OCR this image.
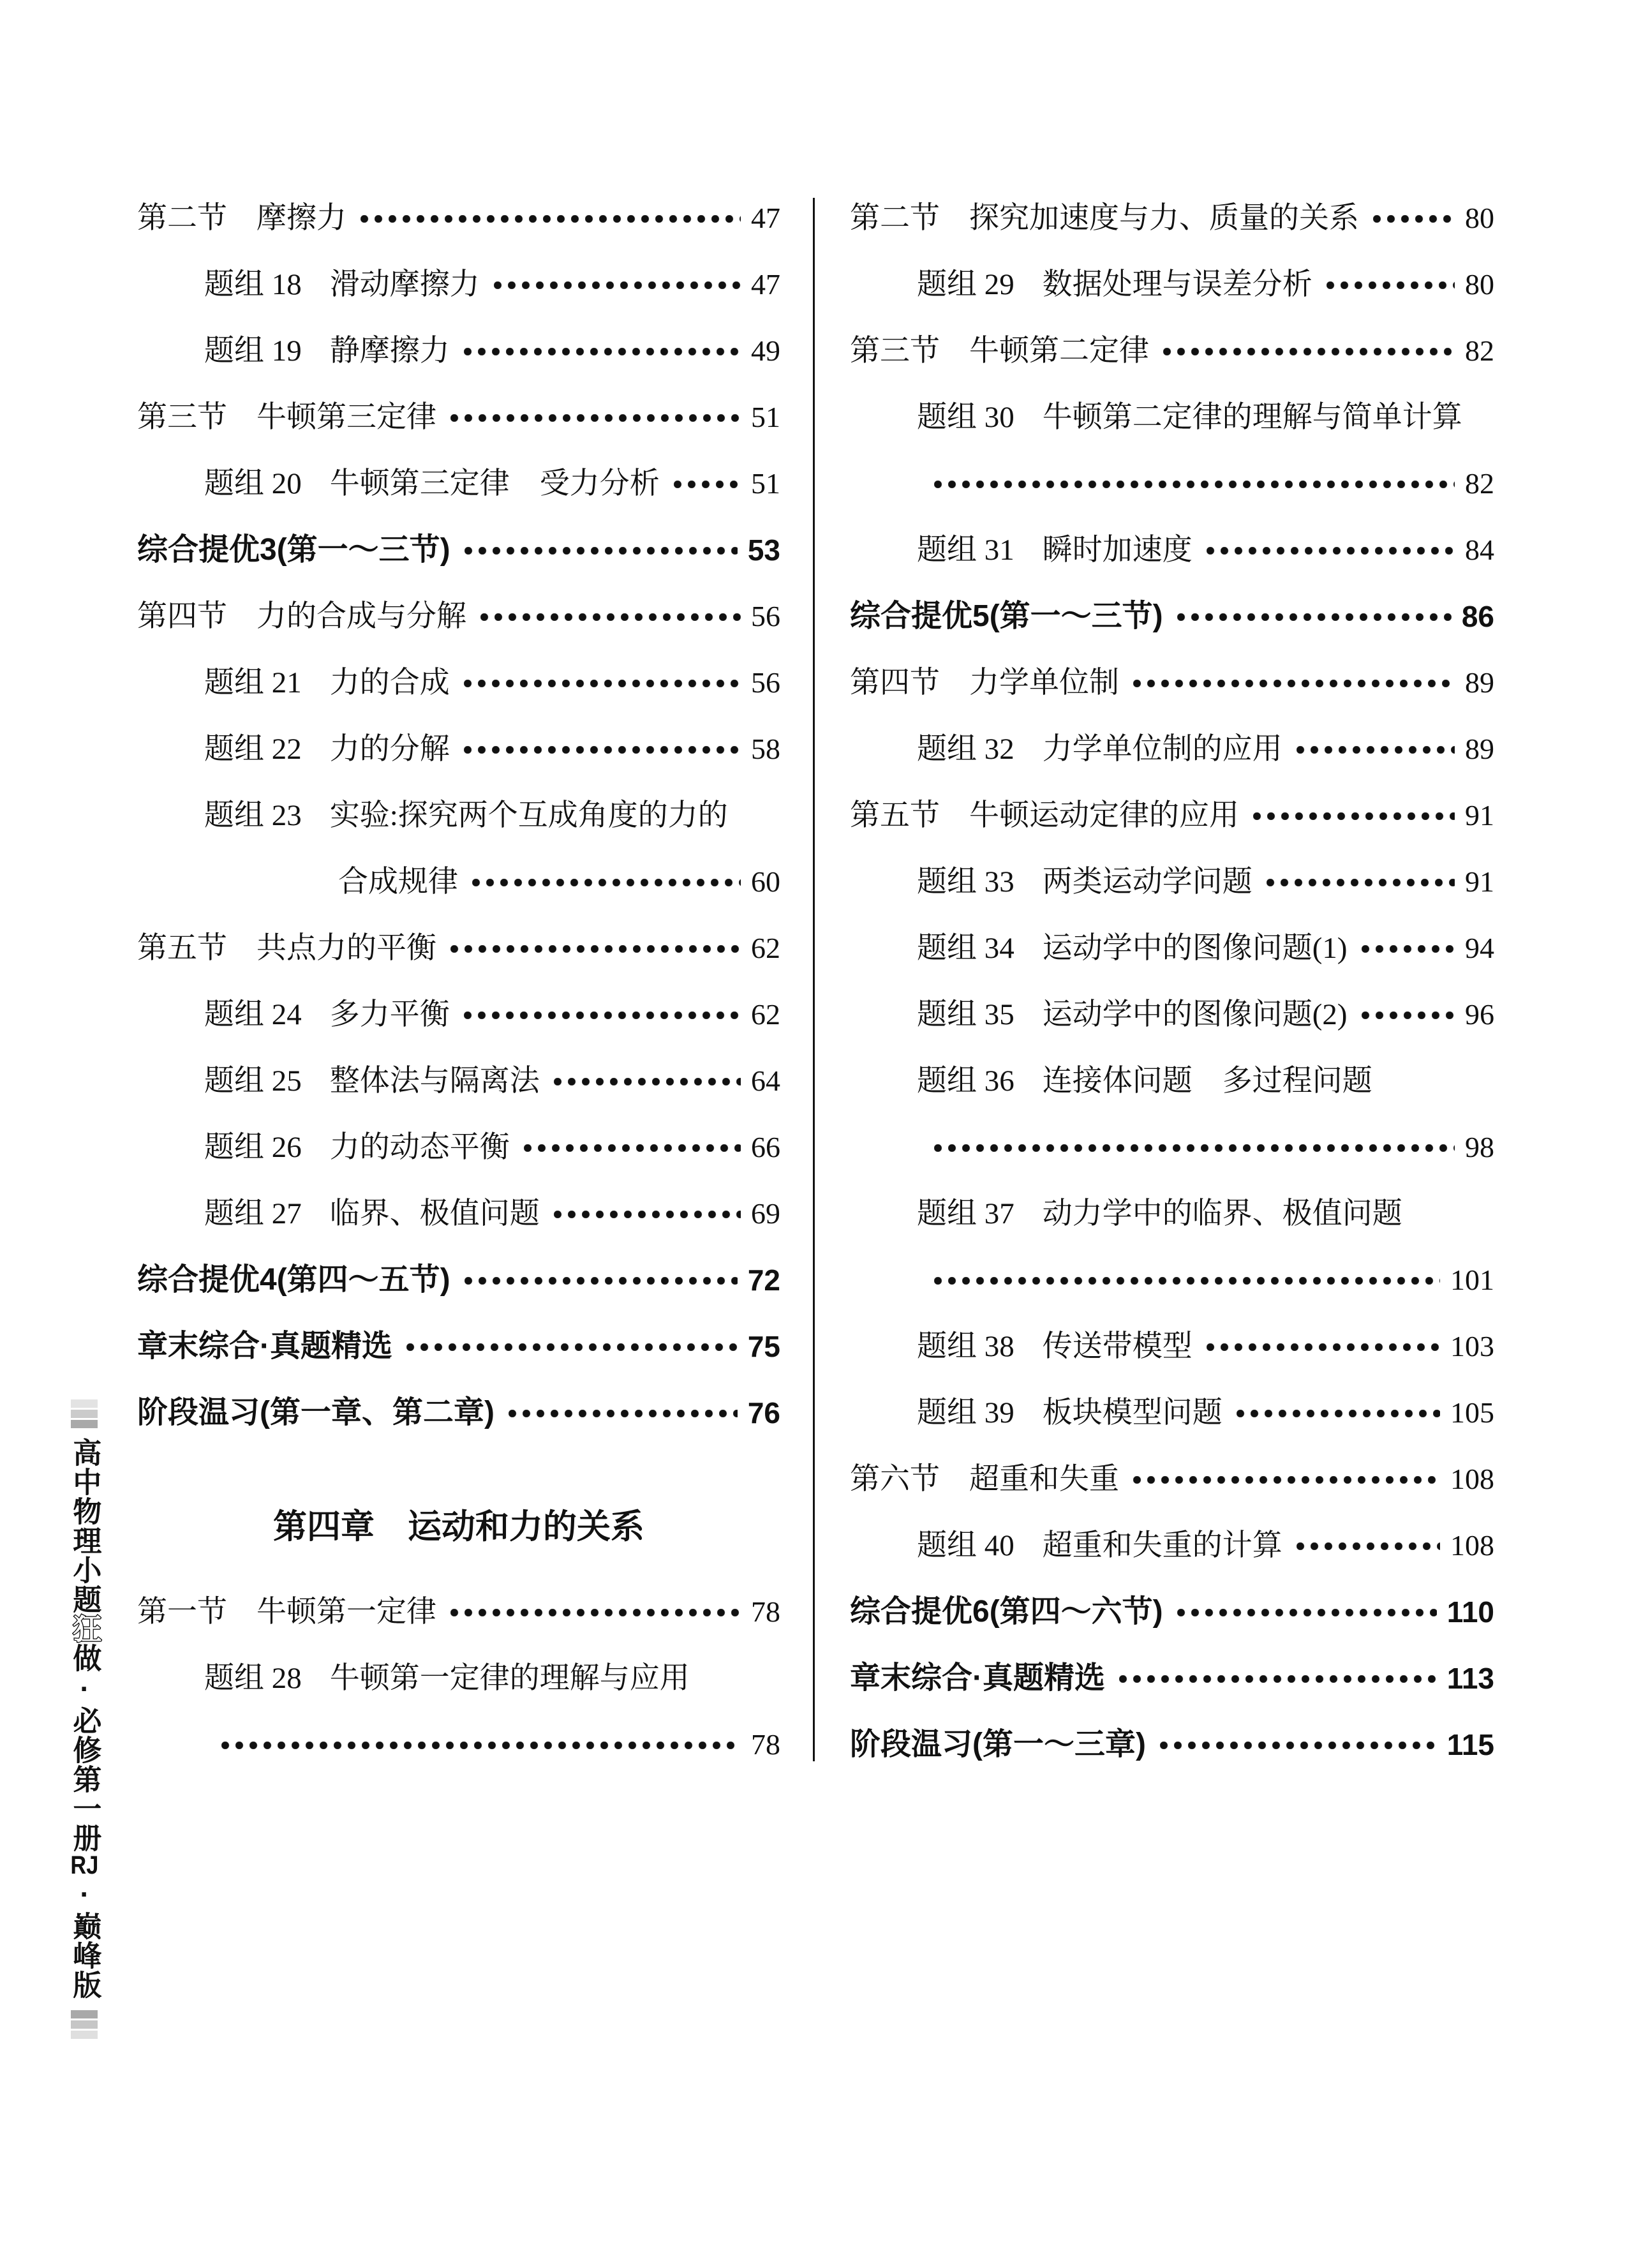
高中物理小题狂做·必修第一册RJ·巅峰版
第二节 摩擦力	47
题组 18 滑动摩擦力	47
题组 19 静摩擦力	49
第三节 牛顿第三定律	51
题组 20 牛顿第三定律　受力分析	51
综合提优3(第一～三节)	53
第四节 力的合成与分解	56
题组 21 力的合成	56
题组 22 力的分解	58
题组 23 实验:探究两个互成角度的力的
合成规律	60
第五节 共点力的平衡	62
题组 24 多力平衡	62
题组 25 整体法与隔离法	64
题组 26 力的动态平衡	66
题组 27 临界、极值问题	69
综合提优4(第四～五节)	72
章末综合·真题精选	75
阶段温习(第一章、第二章)	76
第四章 运动和力的关系
第一节 牛顿第一定律	78
题组 28 牛顿第一定律的理解与应用
78
第二节 探究加速度与力、质量的关系	80
题组 29 数据处理与误差分析	80
第三节 牛顿第二定律	82
题组 30 牛顿第二定律的理解与简单计算
82
题组 31 瞬时加速度	84
综合提优5(第一～三节)	86
第四节 力学单位制	89
题组 32 力学单位制的应用	89
第五节 牛顿运动定律的应用	91
题组 33 两类运动学问题	91
题组 34 运动学中的图像问题(1)	94
题组 35 运动学中的图像问题(2)	96
题组 36 连接体问题　多过程问题
98
题组 37 动力学中的临界、极值问题
101
题组 38 传送带模型	103
题组 39 板块模型问题	105
第六节 超重和失重	108
题组 40 超重和失重的计算	108
综合提优6(第四～六节)	110
章末综合·真题精选	113
阶段温习(第一～三章)	115
